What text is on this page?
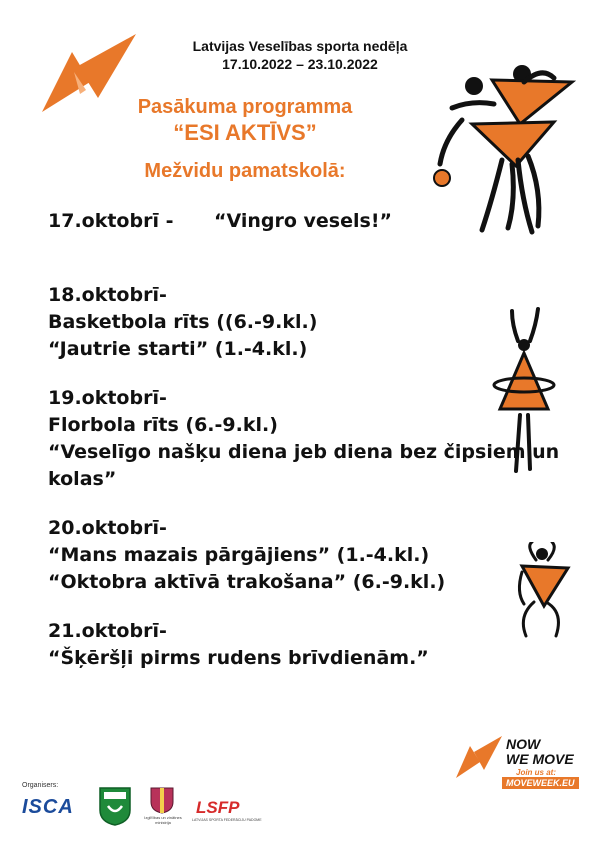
Latvijas Veselības sporta nedēļa
17.10.2022 – 23.10.2022
Pasākuma programma
“ESI AKTĪVS”
Mežvidu pamatskolā:
17.oktobrī - “Vingro vesels!”
18.oktobrī-
Basketbola rīts ((6.-9.kl.)
“Jautrie starti” (1.-4.kl.)
19.oktobrī-
Florbola rīts (6.-9.kl.)
“Veselīgo našķu diena jeb diena bez čipsiem un
kolas”
20.oktobrī-
“Mans mazais pārgājiens” (1.-4.kl.)
“Oktobra aktīvā trakošana” (6.-9.kl.)
21.oktobrī-
“Šķēršļi pirms rudens brīvdienām.”
NOW
WE MOVE
Join us at:
MOVEWEEK.EU
Organisers:
ISCA	Izglītības un zinātnes ministrija
LSFP
LATVIJAS SPORTA FEDERĀCIJU PADOME
